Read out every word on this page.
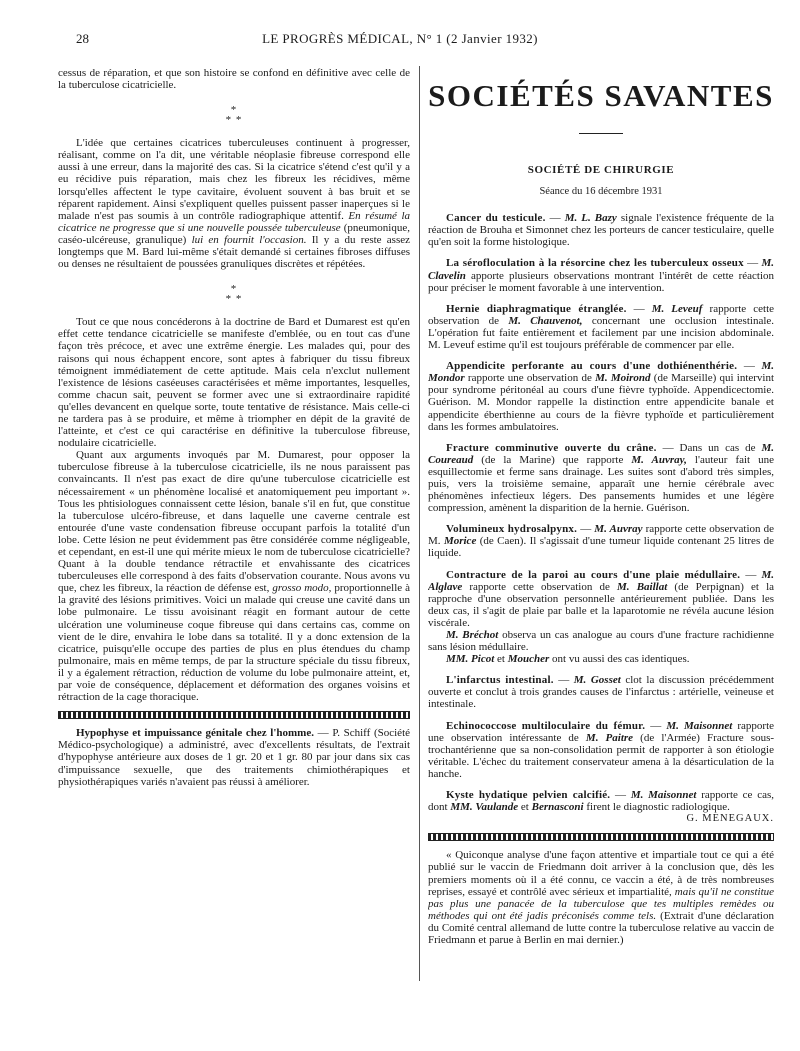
28	LE PROGRÈS MÉDICAL, N° 1 (2 Janvier 1932)

cessus de réparation, et que son histoire se confond en définitive avec celle de la tuberculose cicatricielle.

*
* *

L'idée que certaines cicatrices tuberculeuses continuent à progresser, réalisant, comme on l'a dit, une véritable néoplasie fibreuse correspond elle aussi à une erreur, dans la majorité des cas. Si la cicatrice s'étend c'est qu'il y a eu récidive puis réparation, mais chez les fibreux les récidives, même lorsqu'elles affectent le type cavitaire, évoluent souvent à bas bruit et se réparent rapidement. Ainsi s'expliquent quelles puissent passer inaperçues si le malade n'est pas soumis à un contrôle radiographique attentif. En résumé la cicatrice ne progresse que si une nouvelle poussée tuberculeuse (pneumonique, caséo-ulcéreuse, granulique) lui en fournit l'occasion. Il y a du reste assez longtemps que M. Bard lui-même s'était demandé si certaines fibroses diffuses ou denses ne résultaient de poussées granuliques discrètes et répétées.

*
* *

Tout ce que nous concéderons à la doctrine de Bard et Dumarest est qu'en effet cette tendance cicatricielle se manifeste d'emblée, ou en tout cas d'une façon très précoce, et avec une extrême énergie. Les malades qui, pour des raisons qui nous échappent encore, sont aptes à fabriquer du tissu fibreux témoignent immédiatement de cette aptitude. Mais cela n'exclut nullement l'existence de lésions caséeuses caractérisées et même importantes, lesquelles, comme chacun sait, peuvent se former avec une si extraordinaire rapidité qu'elles devancent en quelque sorte, toute tentative de résistance. Mais celle-ci ne tardera pas à se produire, et même à triompher en dépit de la gravité de l'atteinte, et c'est ce qui caractérise en définitive la tuberculose fibreuse, nodulaire cicatricielle.

Quant aux arguments invoqués par M. Dumarest, pour opposer la tuberculose fibreuse à la tuberculose cicatricielle, ils ne nous paraissent pas convaincants. Il n'est pas exact de dire qu'une tuberculose cicatricielle est nécessairement « un phénomène localisé et anatomiquement peu important ». Tous les phtisiologues connaissent cette lésion, banale s'il en fut, que constitue la tuberculose ulcéro-fibreuse, et dans laquelle une caverne centrale est entourée d'une vaste condensation fibreuse occupant parfois la totalité d'un lobe. Cette lésion ne peut évidemment pas être considérée comme négligeable, et cependant, en est-il une qui mérite mieux le nom de tuberculose cicatricielle? Quant à la double tendance rétractile et envahissante des cicatrices tuberculeuses elle correspond à des faits d'observation courante. Nous avons vu que, chez les fibreux, la réaction de défense est, grosso modo, proportionnelle à la gravité des lésions primitives. Voici un malade qui creuse une cavité dans un lobe pulmonaire. Le tissu avoisinant réagit en formant autour de cette ulcération une volumineuse coque fibreuse qui dans certains cas, comme on vient de le dire, envahira le lobe dans sa totalité. Il y a donc extension de la cicatrice, puisqu'elle occupe des parties de plus en plus étendues du champ pulmonaire, mais en même temps, de par la structure spéciale du tissu fibreux, il y a également rétraction, réduction de volume du lobe pulmonaire atteint, et, par voie de conséquence, déplacement et déformation des organes voisins et rétraction de la cage thoracique.

Hypophyse et impuissance génitale chez l'homme. — P. Schiff (Société Médico-psychologique) a administré, avec d'excellents résultats, de l'extrait d'hypophyse antérieure aux doses de 1 gr. 20 et 1 gr. 80 par jour dans six cas d'impuissance sexuelle, que des traitements chimiothérapiques et physiothérapiques variés n'avaient pas réussi à améliorer.

SOCIÉTÉS SAVANTES
SOCIÉTÉ DE CHIRURGIE
Séance du 16 décembre 1931

Cancer du testicule. — M. L. Bazy signale l'existence fréquente de la réaction de Brouha et Simonnet chez les porteurs de cancer testiculaire, quelle qu'en soit la forme histologique.

La sérofloculation à la résorcine chez les tuberculeux osseux — M. Clavelin apporte plusieurs observations montrant l'intérêt de cette réaction pour préciser le moment favorable à une intervention.

Hernie diaphragmatique étranglée. — M. Leveuf rapporte cette observation de M. Chauvenot, concernant une occlusion intestinale. L'opération fut faite entièrement et facilement par une incision abdominale. M. Leveuf estime qu'il est toujours préférable de commencer par elle.

Appendicite perforante au cours d'une dothiénenthérie. — M. Mondor rapporte une observation de M. Moirond (de Marseille) qui intervint pour syndrome péritonéal au cours d'une fièvre typhoïde. Appendicectomie. Guérison. M. Mondor rappelle la distinction entre appendicite banale et appendicite éberthienne au cours de la fièvre typhoïde et particulièrement dans les formes ambulatoires.

Fracture comminutive ouverte du crâne. — Dans un cas de M. Coureaud (de la Marine) que rapporte M. Auvray, l'auteur fait une esquillectomie et ferme sans drainage. Les suites sont d'abord très simples, puis, vers la troisième semaine, apparaît une hernie cérébrale avec phénomènes infectieux légers. Des pansements humides et une légère compression, amènent la disparition de la hernie. Guérison.

Volumineux hydrosalpynx. — M. Auvray rapporte cette observation de M. Morice (de Caen). Il s'agissait d'une tumeur liquide contenant 25 litres de liquide.

Contracture de la paroi au cours d'une plaie médullaire. — M. Alglave rapporte cette observation de M. Baillat (de Perpignan) et la rapproche d'une observation personnelle antérieurement publiée. Dans les deux cas, il s'agit de plaie par balle et la laparotomie ne révéla aucune lésion viscérale.

M. Bréchot observa un cas analogue au cours d'une fracture rachidienne sans lésion médullaire.

MM. Picot et Moucher ont vu aussi des cas identiques.

L'infarctus intestinal. — M. Gosset clot la discussion précédemment ouverte et conclut à trois grandes causes de l'infarctus : artérielle, veineuse et intestinale.

Echinococcose multiloculaire du fémur. — M. Maisonnet rapporte une observation intéressante de M. Paitre (de l'Armée) Fracture sous-trochantérienne que sa non-consolidation permit de rapporter à son étiologie véritable. L'échec du traitement conservateur amena à la désarticulation de la hanche.

Kyste hydatique pelvien calcifié. — M. Maisonnet rapporte ce cas, dont MM. Vaulande et Bernasconi firent le diagnostic radiologique.

G. MENEGAUX.

« Quiconque analyse d'une façon attentive et impartiale tout ce qui a été publié sur le vaccin de Friedmann doit arriver à la conclusion que, dès les premiers moments où il a été connu, ce vaccin a été, à de très nombreuses reprises, essayé et contrôlé avec sérieux et impartialité, mais qu'il ne constitue pas plus une panacée de la tuberculose que tes multiples remèdes ou méthodes qui ont été jadis préconisés comme tels. (Extrait d'une déclaration du Comité central allemand de lutte contre la tuberculose relative au vaccin de Friedmann et parue à Berlin en mai dernier.)
